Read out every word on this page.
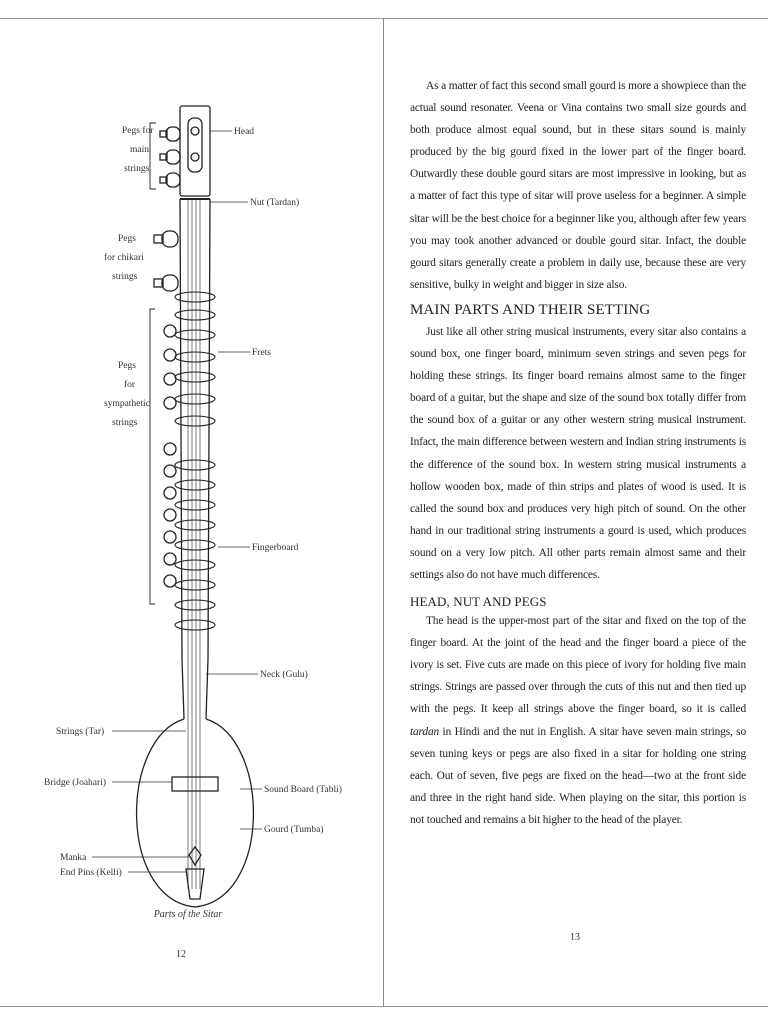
Pegs for
main
strings
Head
Nut (Tardan)
Pegs
for chikari
strings
Pegs
for
sympathetic
strings
Frets
Fingerboard
Neck (Gulu)
Strings (Tar)
Bridge (Joahari)
Sound Board (Tabli)
Gourd (Tumba)
Manka
End Pins (Kelli)
Parts of the Sitar
12

As a matter of fact this second small gourd is more a showpiece than the actual sound resonater. Veena or Vina contains two small size gourds and both produce almost equal sound, but in these sitars sound is mainly produced by the big gourd fixed in the lower part of the finger board. Outwardly these double gourd sitars are most impressive in looking, but as a matter of fact this type of sitar will prove useless for a beginner. A simple sitar will be the best choice for a beginner like you, although after few years you may took another advanced or double gourd sitar. Infact, the double gourd sitars generally create a problem in daily use, because these are very sensitive, bulky in weight and bigger in size also.

MAIN PARTS AND THEIR SETTING

Just like all other string musical instruments, every sitar also contains a sound box, one finger board, minimum seven strings and seven pegs for holding these strings. Its finger board remains almost same to the finger board of a guitar, but the shape and size of the sound box totally differ from the sound box of a guitar or any other western string musical instrument. Infact, the main difference between western and Indian string instruments is the difference of the sound box. In western string musical instruments a hollow wooden box, made of thin strips and plates of wood is used. It is called the sound box and produces very high pitch of sound. On the other hand in our traditional string instruments a gourd is used, which produces sound on a very low pitch. All other parts remain almost same and their settings also do not have much differences.

HEAD, NUT AND PEGS

The head is the upper-most part of the sitar and fixed on the top of the finger board. At the joint of the head and the finger board a piece of the ivory is set. Five cuts are made on this piece of ivory for holding five main strings. Strings are passed over through the cuts of this nut and then tied up with the pegs. It keep all strings above the finger board, so it is called tardan in Hindi and the nut in English. A sitar have seven main strings, so seven tuning keys or pegs are also fixed in a sitar for holding one string each. Out of seven, five pegs are fixed on the head—two at the front side and three in the right hand side. When playing on the sitar, this portion is not touched and remains a bit higher to the head of the player.

13
